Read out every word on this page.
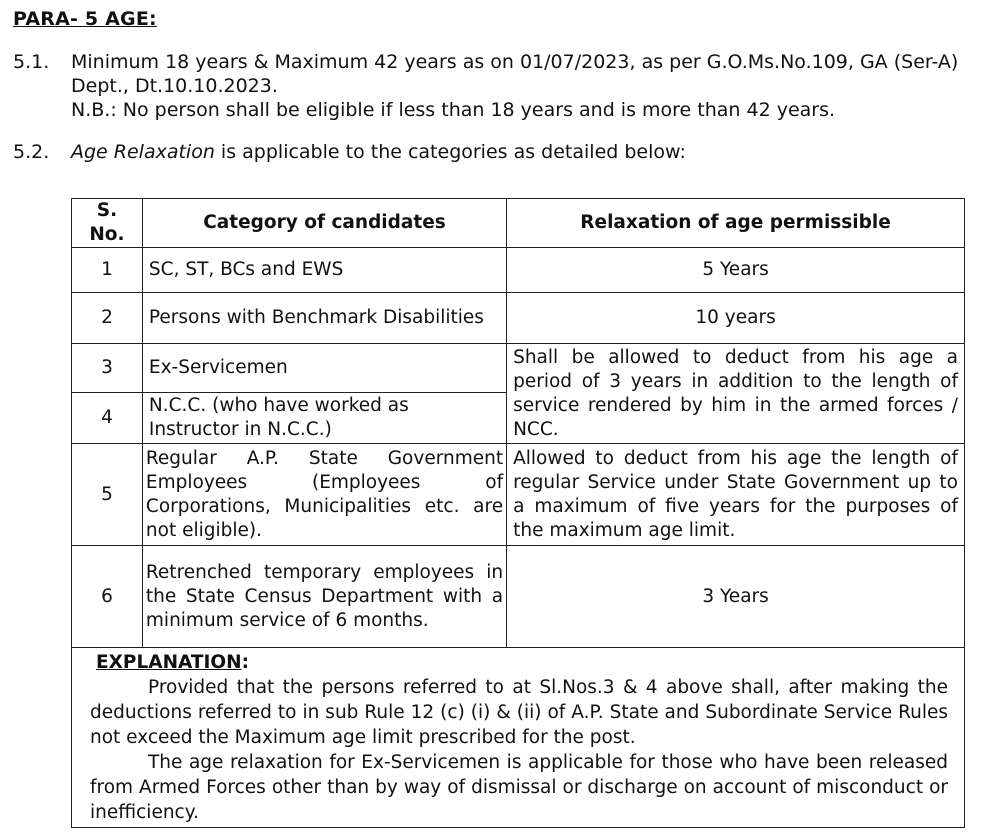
PARA- 5 AGE:
5.1. Minimum 18 years & Maximum 42 years as on 01/07/2023, as per G.O.Ms.No.109, GA (Ser-A) Dept., Dt.10.10.2023.
N.B.: No person shall be eligible if less than 18 years and is more than 42 years.
5.2. Age Relaxation is applicable to the categories as detailed below:
S. No.	Category of candidates	Relaxation of age permissible
1	SC, ST, BCs and EWS	5 Years
2	Persons with Benchmark Disabilities	10 years
3	Ex-Servicemen	Shall be allowed to deduct from his age a period of 3 years in addition to the length of service rendered by him in the armed forces / NCC.
4	N.C.C. (who have worked as Instructor in N.C.C.)	
5	Regular A.P. State Government Employees (Employees of Corporations, Municipalities etc. are not eligible).	Allowed to deduct from his age the length of regular Service under State Government up to a maximum of five years for the purposes of the maximum age limit.
6	Retrenched temporary employees in the State Census Department with a minimum service of 6 months.	3 Years

EXPLANATION:
Provided that the persons referred to at Sl.Nos.3 & 4 above shall, after making the deductions referred to in sub Rule 12 (c) (i) & (ii) of A.P. State and Subordinate Service Rules not exceed the Maximum age limit prescribed for the post.
The age relaxation for Ex-Servicemen is applicable for those who have been released from Armed Forces other than by way of dismissal or discharge on account of misconduct or inefficiency.		
